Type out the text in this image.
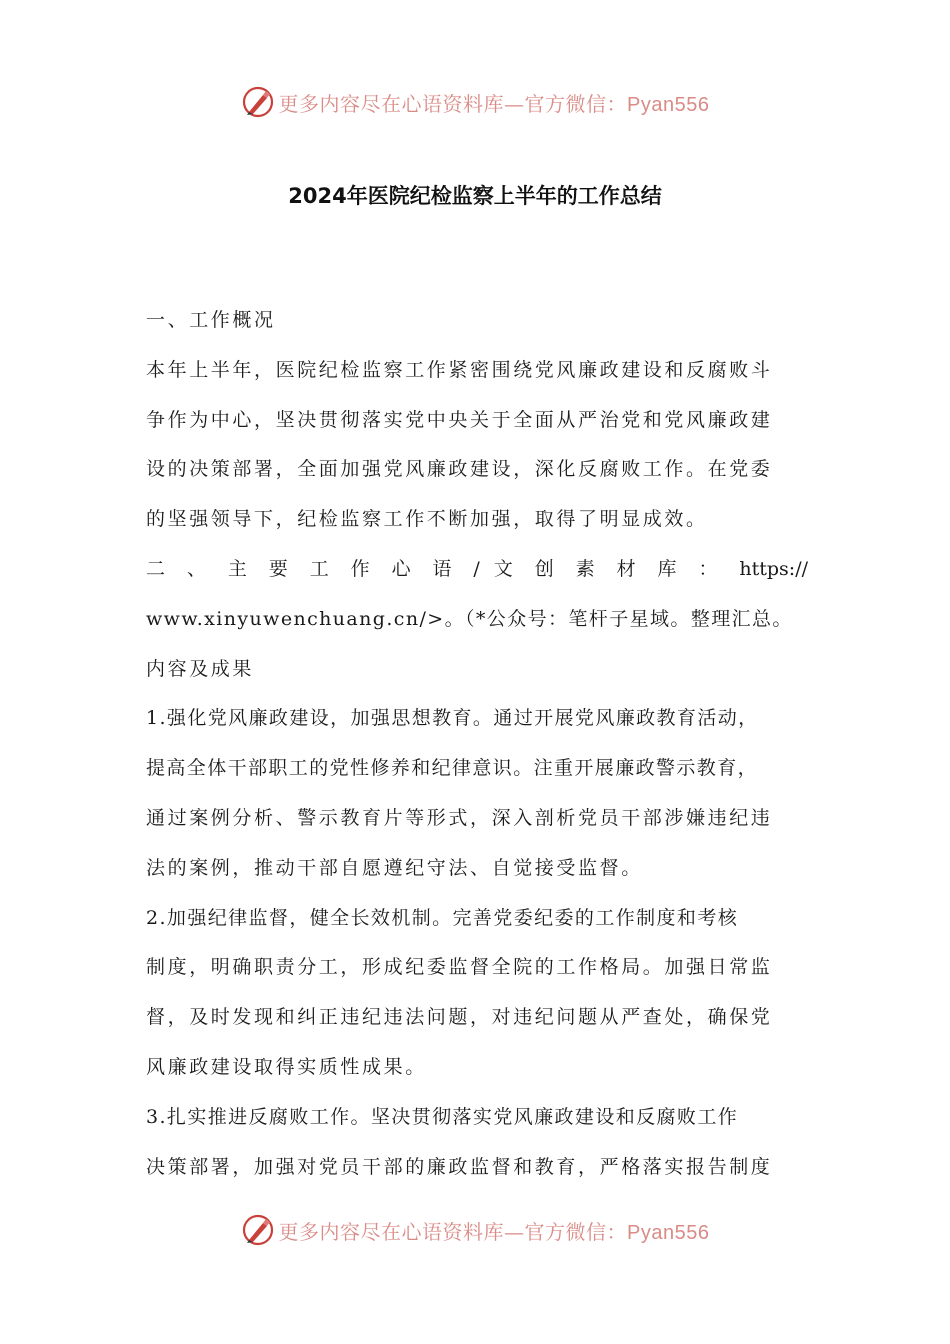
更多内容尽在心语资料库—官方微信：Pyan556
2024年医院纪检监察上半年的工作总结
一、工作概况
本年上半年，医院纪检监察工作紧密围绕党风廉政建设和反腐败斗
争作为中心，坚决贯彻落实党中央关于全面从严治党和党风廉政建
设的决策部署，全面加强党风廉政建设，深化反腐败工作。在党委
的坚强领导下，纪检监察工作不断加强，取得了明显成效。
二 、 主 要 工 作 心 语 / 文 创 素 材 库 ： https://
www.xinyuwenchuang.cn/>。（*公众号：笔杆子星域。整理汇总。
内容及成果
1.强化党风廉政建设，加强思想教育。通过开展党风廉政教育活动，
提高全体干部职工的党性修养和纪律意识。注重开展廉政警示教育，
通过案例分析、警示教育片等形式，深入剖析党员干部涉嫌违纪违
法的案例，推动干部自愿遵纪守法、自觉接受监督。
2.加强纪律监督，健全长效机制。完善党委纪委的工作制度和考核
制度，明确职责分工，形成纪委监督全院的工作格局。加强日常监
督，及时发现和纠正违纪违法问题，对违纪问题从严查处，确保党
风廉政建设取得实质性成果。
3.扎实推进反腐败工作。坚决贯彻落实党风廉政建设和反腐败工作
决策部署，加强对党员干部的廉政监督和教育，严格落实报告制度
更多内容尽在心语资料库—官方微信：Pyan556
